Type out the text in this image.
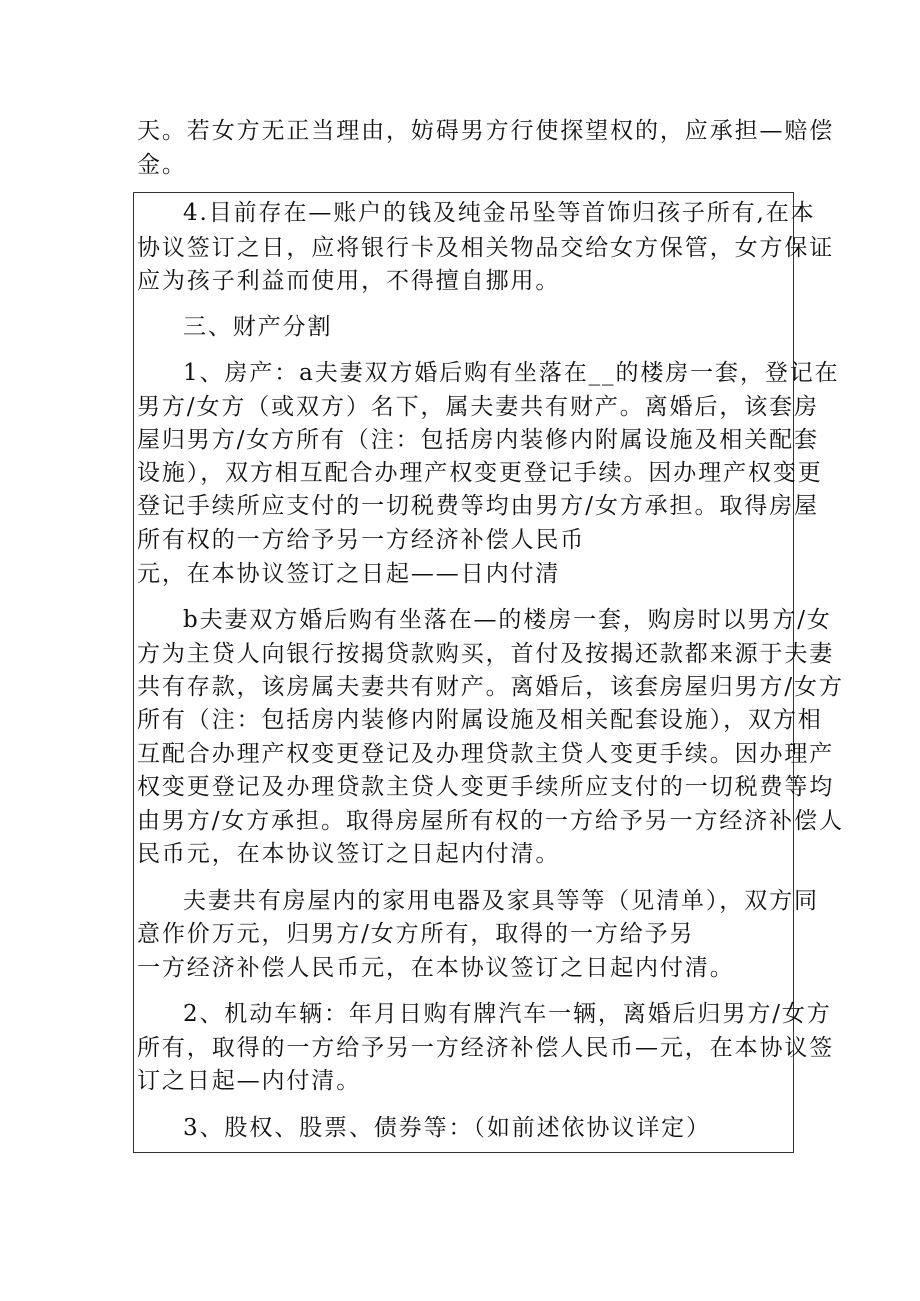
天。若女方无正当理由，妨碍男方行使探望权的，应承担—赔偿
金。
4.目前存在—账户的钱及纯金吊坠等首饰归孩子所有,在本
协议签订之日，应将银行卡及相关物品交给女方保管，女方保证
应为孩子利益而使用，不得擅自挪用。
三、财产分割
1、房产：a夫妻双方婚后购有坐落在__的楼房一套，登记在
男方/女方（或双方）名下，属夫妻共有财产。离婚后，该套房
屋归男方/女方所有（注：包括房内装修内附属设施及相关配套
设施），双方相互配合办理产权变更登记手续。因办理产权变更
登记手续所应支付的一切税费等均由男方/女方承担。取得房屋
所有权的一方给予另一方经济补偿人民币
元，在本协议签订之日起——日内付清
b夫妻双方婚后购有坐落在—的楼房一套，购房时以男方/女
方为主贷人向银行按揭贷款购买，首付及按揭还款都来源于夫妻
共有存款，该房属夫妻共有财产。离婚后，该套房屋归男方/女方
所有（注：包括房内装修内附属设施及相关配套设施），双方相
互配合办理产权变更登记及办理贷款主贷人变更手续。因办理产
权变更登记及办理贷款主贷人变更手续所应支付的一切税费等均
由男方/女方承担。取得房屋所有权的一方给予另一方经济补偿人
民币元，在本协议签订之日起内付清。
夫妻共有房屋内的家用电器及家具等等（见清单），双方同
意作价万元，归男方/女方所有，取得的一方给予另
一方经济补偿人民币元，在本协议签订之日起内付清。
2、机动车辆：年月日购有牌汽车一辆，离婚后归男方/女方
所有，取得的一方给予另一方经济补偿人民币—元，在本协议签
订之日起—内付清。
3、股权、股票、债券等：（如前述依协议详定）
